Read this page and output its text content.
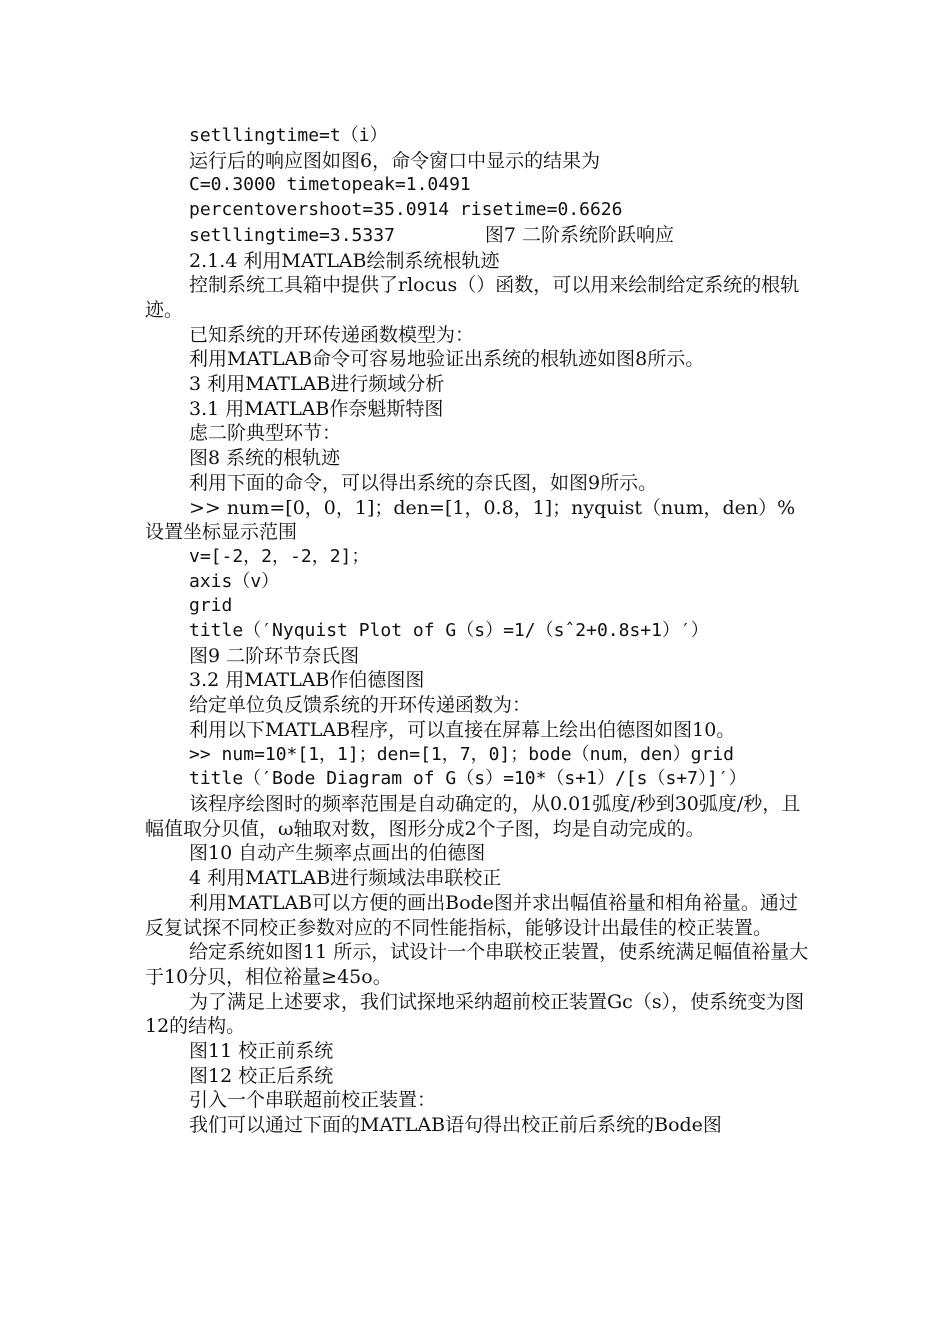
setllingtime=t（i）

运行后的响应图如图6，命令窗口中显示的结果为

C=0.3000 timetopeak=1.0491

percentovershoot=35.0914 risetime=0.6626

setllingtime=3.5337	图7 二阶系统阶跃响应

2.1.4 利用MATLAB绘制系统根轨迹

控制系统工具箱中提供了rlocus（）函数，可以用来绘制给定系统的根轨迹。

已知系统的开环传递函数模型为：

利用MATLAB命令可容易地验证出系统的根轨迹如图8所示。

3 利用MATLAB进行频域分析

3.1 用MATLAB作奈魁斯特图

虑二阶典型环节：

图8 系统的根轨迹

利用下面的命令，可以得出系统的奈氏图，如图9所示。

>> num=[0，0，1]；den=[1，0.8，1]；nyquist（num，den）%设置坐标显示范围

v=[-2，2，-2，2]；

axis（v）

grid

title（′Nyquist Plot of G（s）=1/（sˆ2+0.8s+1）′）

图9 二阶环节奈氏图

3.2 用MATLAB作伯德图图

给定单位负反馈系统的开环传递函数为：

利用以下MATLAB程序，可以直接在屏幕上绘出伯德图如图10。

>> num=10*[1，1]；den=[1，7，0]；bode（num，den）grid

title（′Bode Diagram of G（s）=10*（s+1）/[s（s+7）]′）

该程序绘图时的频率范围是自动确定的，从0.01弧度/秒到30弧度/秒，且幅值取分贝值，ω轴取对数，图形分成2个子图，均是自动完成的。

图10 自动产生频率点画出的伯德图

4 利用MATLAB进行频域法串联校正

利用MATLAB可以方便的画出Bode图并求出幅值裕量和相角裕量。通过反复试探不同校正参数对应的不同性能指标，能够设计出最佳的校正装置。

给定系统如图11 所示，试设计一个串联校正装置，使系统满足幅值裕量大于10分贝，相位裕量≥45o。

为了满足上述要求，我们试探地采纳超前校正装置Gc（s），使系统变为图12的结构。

图11 校正前系统

图12 校正后系统

引入一个串联超前校正装置：

我们可以通过下面的MATLAB语句得出校正前后系统的Bode图
